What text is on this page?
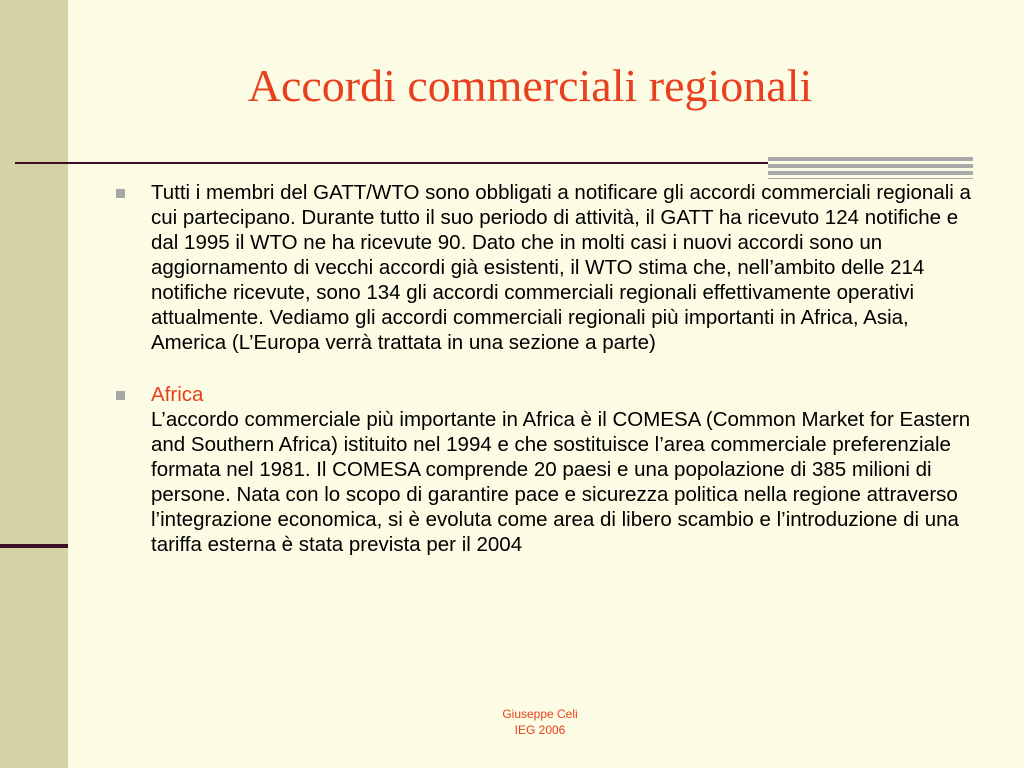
Accordi commerciali regionali
Tutti i membri del GATT/WTO sono obbligati a notificare gli accordi commerciali regionali a cui partecipano. Durante tutto il suo periodo di attività, il GATT ha ricevuto 124 notifiche e dal 1995 il WTO ne ha ricevute 90. Dato che in molti casi i nuovi accordi sono un aggiornamento di vecchi accordi già esistenti, il WTO stima che, nell’ambito delle 214 notifiche ricevute, sono 134 gli accordi commerciali regionali effettivamente operativi attualmente. Vediamo gli accordi commerciali regionali più importanti in Africa, Asia, America (L’Europa verrà trattata in una sezione a parte)
Africa
L’accordo commerciale più importante in Africa è il COMESA (Common Market for Eastern and Southern Africa) istituito nel 1994 e che sostituisce l’area commerciale preferenziale formata nel 1981. Il COMESA comprende 20 paesi e una popolazione di 385 milioni di persone. Nata con lo scopo di garantire pace e sicurezza politica nella regione attraverso l’integrazione economica, si è evoluta come area di libero scambio e l’introduzione di una tariffa esterna è stata prevista per il 2004
Giuseppe Celi
IEG 2006
